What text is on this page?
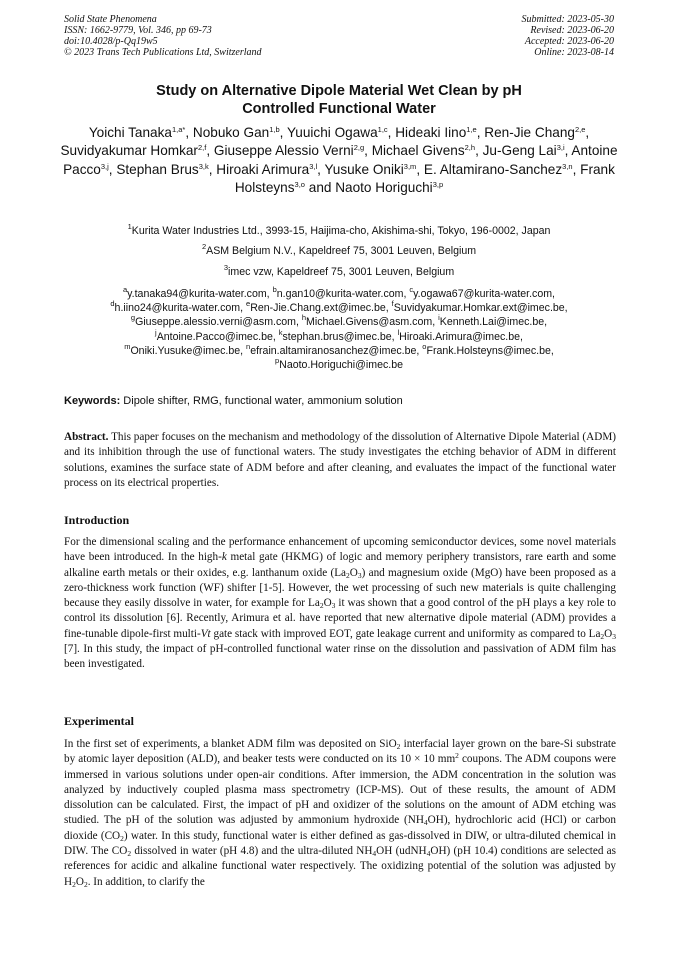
Solid State Phenomena
ISSN: 1662-9779, Vol. 346, pp 69-73
doi:10.4028/p-Qq19w5
© 2023 Trans Tech Publications Ltd, Switzerland
Submitted: 2023-05-30
Revised: 2023-06-20
Accepted: 2023-06-20
Online: 2023-08-14
Study on Alternative Dipole Material Wet Clean by pH
Controlled Functional Water
Yoichi Tanaka$^{1,a*}$, Nobuko Gan$^{1,b}$, Yuuichi Ogawa$^{1,c}$, Hideaki Iino$^{1,e}$, Ren-Jie Chang$^{2,e}$, Suvidyakumar Homkar$^{2,f}$, Giuseppe Alessio Verni$^{2,g}$, Michael Givens$^{2,h}$, Ju-Geng Lai$^{3,i}$, Antoine Pacco$^{3,j}$, Stephan Brus$^{3,k}$, Hiroaki Arimura$^{3,l}$, Yusuke Oniki$^{3,m}$, E. Altamirano-Sanchez$^{3,n}$, Frank Holsteyns$^{3,o}$ and Naoto Horiguchi$^{3,p}$
$^1$Kurita Water Industries Ltd., 3993-15, Haijima-cho, Akishima-shi, Tokyo, 196-0002, Japan
$^2$ASM Belgium N.V., Kapeldreef 75, 3001 Leuven, Belgium
$^3$imec vzw, Kapeldreef 75, 3001 Leuven, Belgium
$^a$y.tanaka94@kurita-water.com, $^b$n.gan10@kurita-water.com, $^c$y.ogawa67@kurita-water.com,
$^d$h.iino24@kurita-water.com, $^e$Ren-Jie.Chang.ext@imec.be, $^f$Suvidyakumar.Homkar.ext@imec.be,
$^g$Giuseppe.alessio.verni@asm.com, $^h$Michael.Givens@asm.com, $^i$Kenneth.Lai@imec.be,
$^j$Antoine.Pacco@imec.be, $^k$stephan.brus@imec.be, $^l$Hiroaki.Arimura@imec.be,
$^m$Oniki.Yusuke@imec.be, $^n$efrain.altamiranosanchez@imec.be, $^o$Frank.Holsteyns@imec.be,
$^p$Naoto.Horiguchi@imec.be
Keywords: Dipole shifter, RMG, functional water, ammonium solution
Abstract. This paper focuses on the mechanism and methodology of the dissolution of Alternative Dipole Material (ADM) and its inhibition through the use of functional waters. The study investigates the etching behavior of ADM in different solutions, examines the surface state of ADM before and after cleaning, and evaluates the impact of the functional water process on its electrical properties.
Introduction
For the dimensional scaling and the performance enhancement of upcoming semiconductor devices, some novel materials have been introduced. In the high-k metal gate (HKMG) of logic and memory periphery transistors, rare earth and some alkaline earth metals or their oxides, e.g. lanthanum oxide $(La_2O_3)$ and magnesium oxide (MgO) have been proposed as a zero-thickness work function (WF) shifter [1-5]. However, the wet processing of such new materials is quite challenging because they easily dissolve in water, for example for $La_2O_3$ it was shown that a good control of the pH plays a key role to control its dissolution [6]. Recently, Arimura et al. have reported that new alternative dipole material (ADM) provides a fine-tunable dipole-first multi-Vt gate stack with improved EOT, gate leakage current and uniformity as compared to $La_2O_3$ [7]. In this study, the impact of pH-controlled functional water rinse on the dissolution and passivation of ADM film has been investigated.
Experimental
In the first set of experiments, a blanket ADM film was deposited on SiO$_2$ interfacial layer grown on the bare-Si substrate by atomic layer deposition (ALD), and beaker tests were conducted on its 10 × 10 $mm^2$ coupons. The ADM coupons were immersed in various solutions under open-air conditions. After immersion, the ADM concentration in the solution was analyzed by inductively coupled plasma mass spectrometry (ICP-MS). Out of these results, the amount of ADM dissolution can be calculated. First, the impact of pH and oxidizer of the solutions on the amount of ADM etching was studied. The pH of the solution was adjusted by ammonium hydroxide $(NH_4OH)$, hydrochloric acid (HCl) or carbon dioxide $(CO_2)$ water. In this study, functional water is either defined as gas-dissolved in DIW, or ultra-diluted chemical in DIW. The $CO_2$ dissolved in water (pH 4.8) and the ultra-diluted $NH_4OH$ (udNH$_4$OH) (pH 10.4) conditions are selected as references for acidic and alkaline functional water respectively. The oxidizing potential of the solution was adjusted by $H_2O_2$. In addition, to clarify the
